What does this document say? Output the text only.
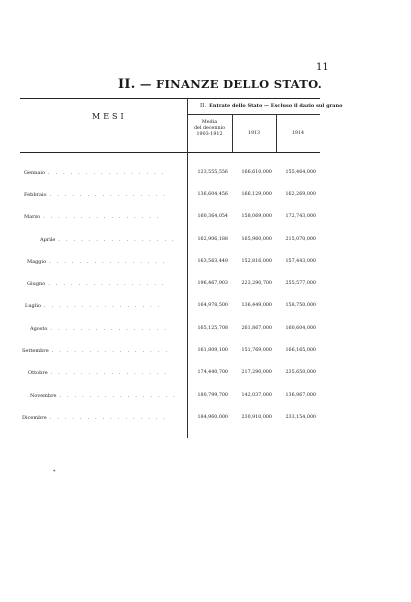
11
II. — FINANZE DELLO STATO.
MESI
II. Entrate dello Stato — Escluso il dazio sul grano
Media
del decennio
1903-1912	1913	1914
Gennaio . . . . . . . . . . . . . . . .	123,555,556	166,610,000	155,464,000
Febbraio . . . . . . . . . . . . . . . .	136,604,456	166,129,000	162,269,000
Marzo . . . . . . . . . . . . . . . .	160,364,054	158,069,000	172,743,000
Aprile . . . . . . . . . . . . . . . .	162,906,188	165,960,000	215,070,000
Maggio . . . . . . . . . . . . . . . .	163,563,449	152,816,000	157,443,000
Giugno . . . . . . . . . . . . . . . .	196,467,903	223,290,700	255,577,000
Luglio . . . . . . . . . . . . . . . .	164,978,500	136,449,000	158,750,000
Agosto . . . . . . . . . . . . . . . .	165,125,708	261,867,000	160,604,000
Settembre . . . . . . . . . . . . . . . .	161,809,100	151,769,000	166,165,000
Ottobre . . . . . . . . . . . . . . . .	174,440,700	217,290,000	235,650,000
Novembre . . . . . . . . . . . . . . . .	180,799,700	142,037,000	136,967,000
Dicembre . . . . . . . . . . . . . . . .	184,960,000	230,910,000	233,154,000
*
